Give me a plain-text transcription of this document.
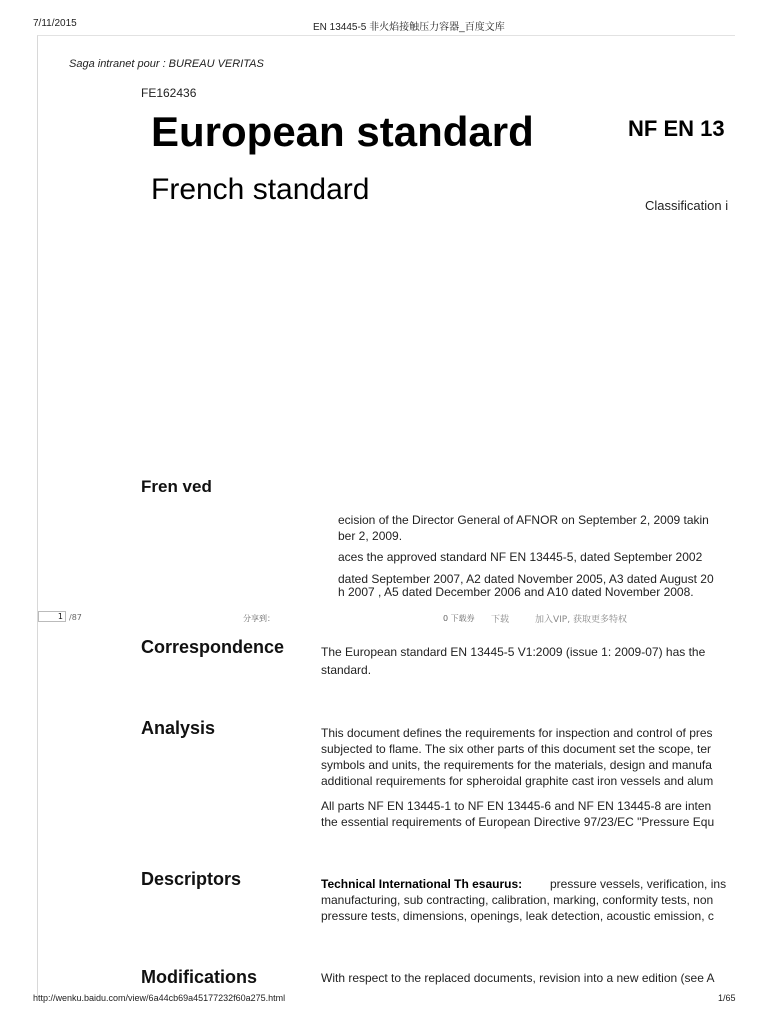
7/11/2015	EN 13445-5 非火焰接触压力容器_百度文库
Saga intranet pour : BUREAU VERITAS
FE162436
European standard
French standard
NF EN 13
Classification i
Fren ved
ecision of the Director General of AFNOR on September 2, 2009 takin
ber 2, 2009.
aces the approved standard NF EN 13445-5, dated September 2002
dated September 2007, A2 dated November 2005, A3 dated August 20
h 2007 , A5 dated December 2006 and A10 dated November 2008.
1 /87	分享到：	0 下载券 下载	加入VIP, 获取更多特权
Correspondence	The European standard EN 13445-5 V1:2009 (issue 1: 2009-07) has the
standard.
Analysis	This document defines the requirements for inspection and control of pres
subjected to flame. The six other parts of this document set the scope, ter
symbols and units, the requirements for the materials, design and manufa
additional requirements for spheroidal graphite cast iron vessels and alum
All parts NF EN 13445-1 to NF EN 13445-6 and NF EN 13445-8 are inten
the essential requirements of European Directive 97/23/EC "Pressure Equ
Descriptors	Technical International Th esaurus: pressure vessels, verification, ins
manufacturing, sub contracting, calibration, marking, conformity tests, non
pressure tests, dimensions, openings, leak detection, acoustic emission, c
Modifications	With respect to the replaced documents, revision into a new edition (see A
http://wenku.baidu.com/view/6a44cb69a45177232f60a275.html	1/65
